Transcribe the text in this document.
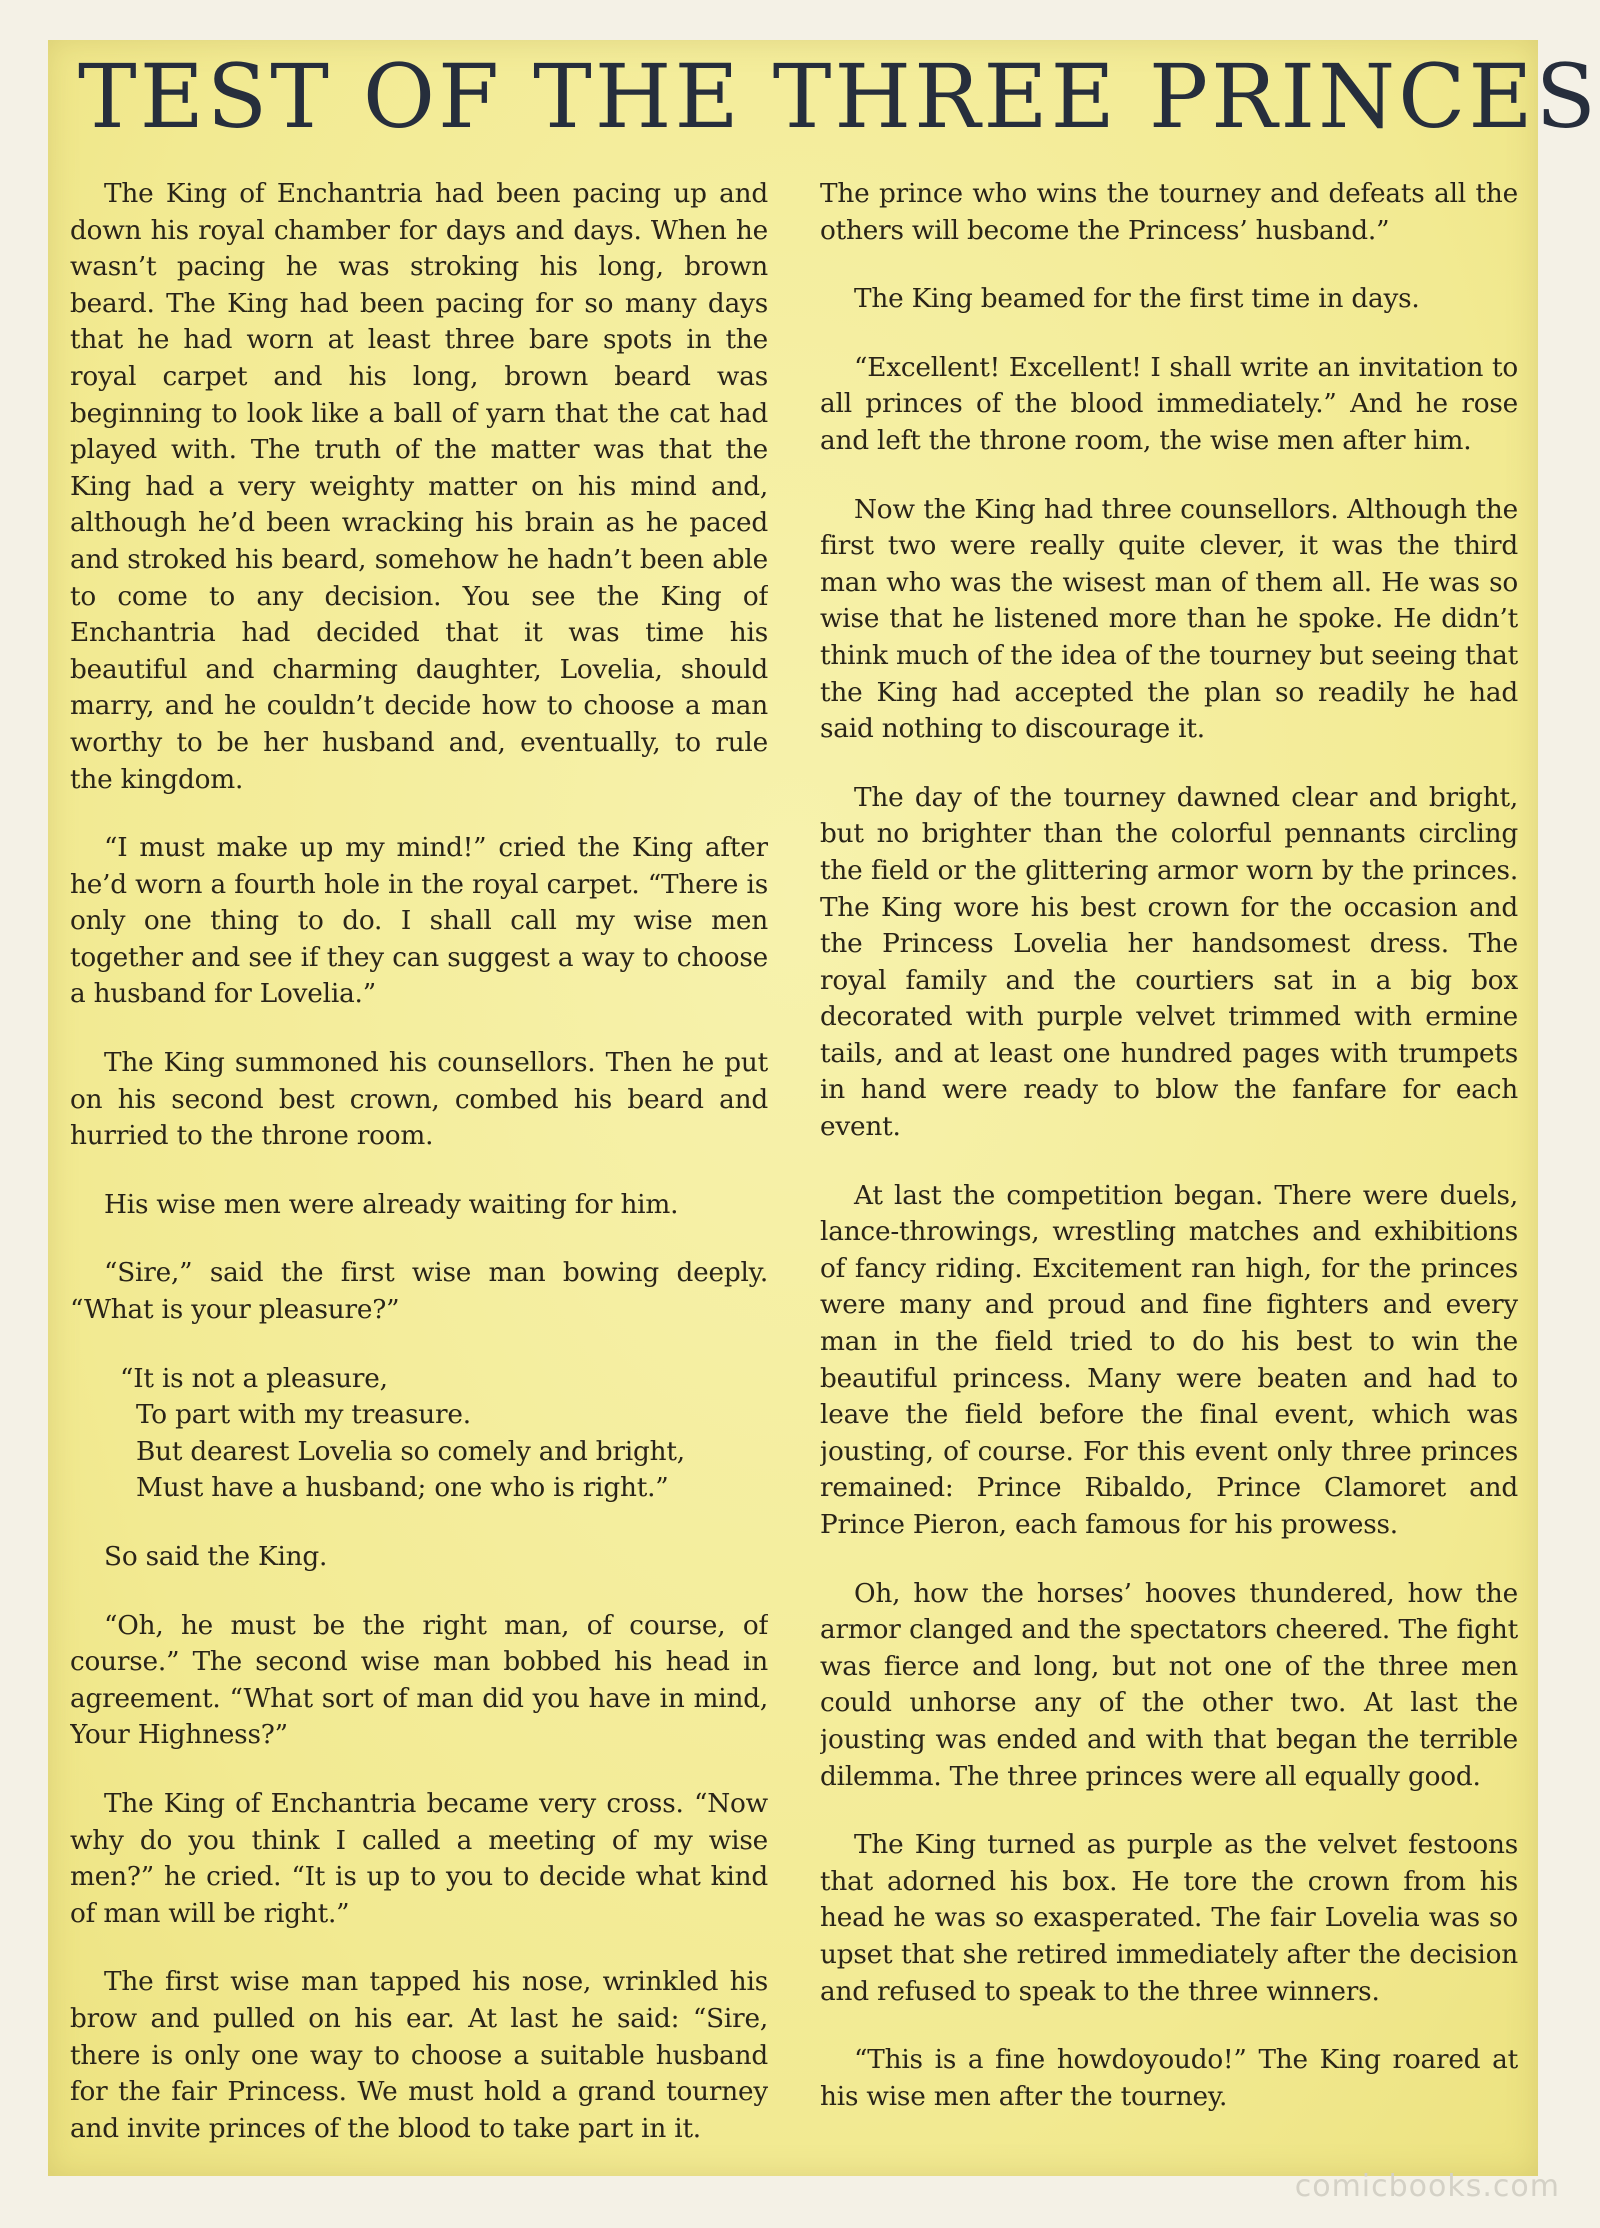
TEST OF THE THREE PRINCES

The King of Enchantria had been pacing up and down his royal chamber for days and days. When he wasn’t pacing he was stroking his long, brown beard. The King had been pacing for so many days that he had worn at least three bare spots in the royal carpet and his long, brown beard was beginning to look like a ball of yarn that the cat had played with. The truth of the matter was that the King had a very weighty matter on his mind and, although he’d been wracking his brain as he paced and stroked his beard, somehow he hadn’t been able to come to any decision. You see the King of Enchantria had decided that it was time his beautiful and charming daughter, Lovelia, should marry, and he couldn’t decide how to choose a man worthy to be her husband and, eventually, to rule the kingdom.

“I must make up my mind!” cried the King after he’d worn a fourth hole in the royal carpet. “There is only one thing to do. I shall call my wise men together and see if they can suggest a way to choose a husband for Lovelia.”

The King summoned his counsellors. Then he put on his second best crown, combed his beard and hurried to the throne room.

His wise men were already waiting for him.

“Sire,” said the first wise man bowing deeply. “What is your pleasure?”

“It is not a pleasure,
To part with my treasure.
But dearest Lovelia so comely and bright,
Must have a husband; one who is right.”

So said the King.

“Oh, he must be the right man, of course, of course.” The second wise man bobbed his head in agreement. “What sort of man did you have in mind, Your Highness?”

The King of Enchantria became very cross. “Now why do you think I called a meeting of my wise men?” he cried. “It is up to you to decide what kind of man will be right.”

The first wise man tapped his nose, wrinkled his brow and pulled on his ear. At last he said: “Sire, there is only one way to choose a suitable husband for the fair Princess. We must hold a grand tourney and invite princes of the blood to take part in it.

The prince who wins the tourney and defeats all the others will become the Princess’ husband.”

The King beamed for the first time in days.

“Excellent! Excellent! I shall write an invitation to all princes of the blood immediately.” And he rose and left the throne room, the wise men after him.

Now the King had three counsellors. Although the first two were really quite clever, it was the third man who was the wisest man of them all. He was so wise that he listened more than he spoke. He didn’t think much of the idea of the tourney but seeing that the King had accepted the plan so readily he had said nothing to discourage it.

The day of the tourney dawned clear and bright, but no brighter than the colorful pennants circling the field or the glittering armor worn by the princes. The King wore his best crown for the occasion and the Princess Lovelia her handsomest dress. The royal family and the courtiers sat in a big box decorated with purple velvet trimmed with ermine tails, and at least one hundred pages with trumpets in hand were ready to blow the fanfare for each event.

At last the competition began. There were duels, lance-throwings, wrestling matches and exhibitions of fancy riding. Excitement ran high, for the princes were many and proud and fine fighters and every man in the field tried to do his best to win the beautiful princess. Many were beaten and had to leave the field before the final event, which was jousting, of course. For this event only three princes remained: Prince Ribaldo, Prince Clamoret and Prince Pieron, each famous for his prowess.

Oh, how the horses’ hooves thundered, how the armor clanged and the spectators cheered. The fight was fierce and long, but not one of the three men could unhorse any of the other two. At last the jousting was ended and with that began the terrible dilemma. The three princes were all equally good.

The King turned as purple as the velvet festoons that adorned his box. He tore the crown from his head he was so exasperated. The fair Lovelia was so upset that she retired immediately after the decision and refused to speak to the three winners.

“This is a fine howdoyoudo!” The King roared at his wise men after the tourney.

comicbooks.com
